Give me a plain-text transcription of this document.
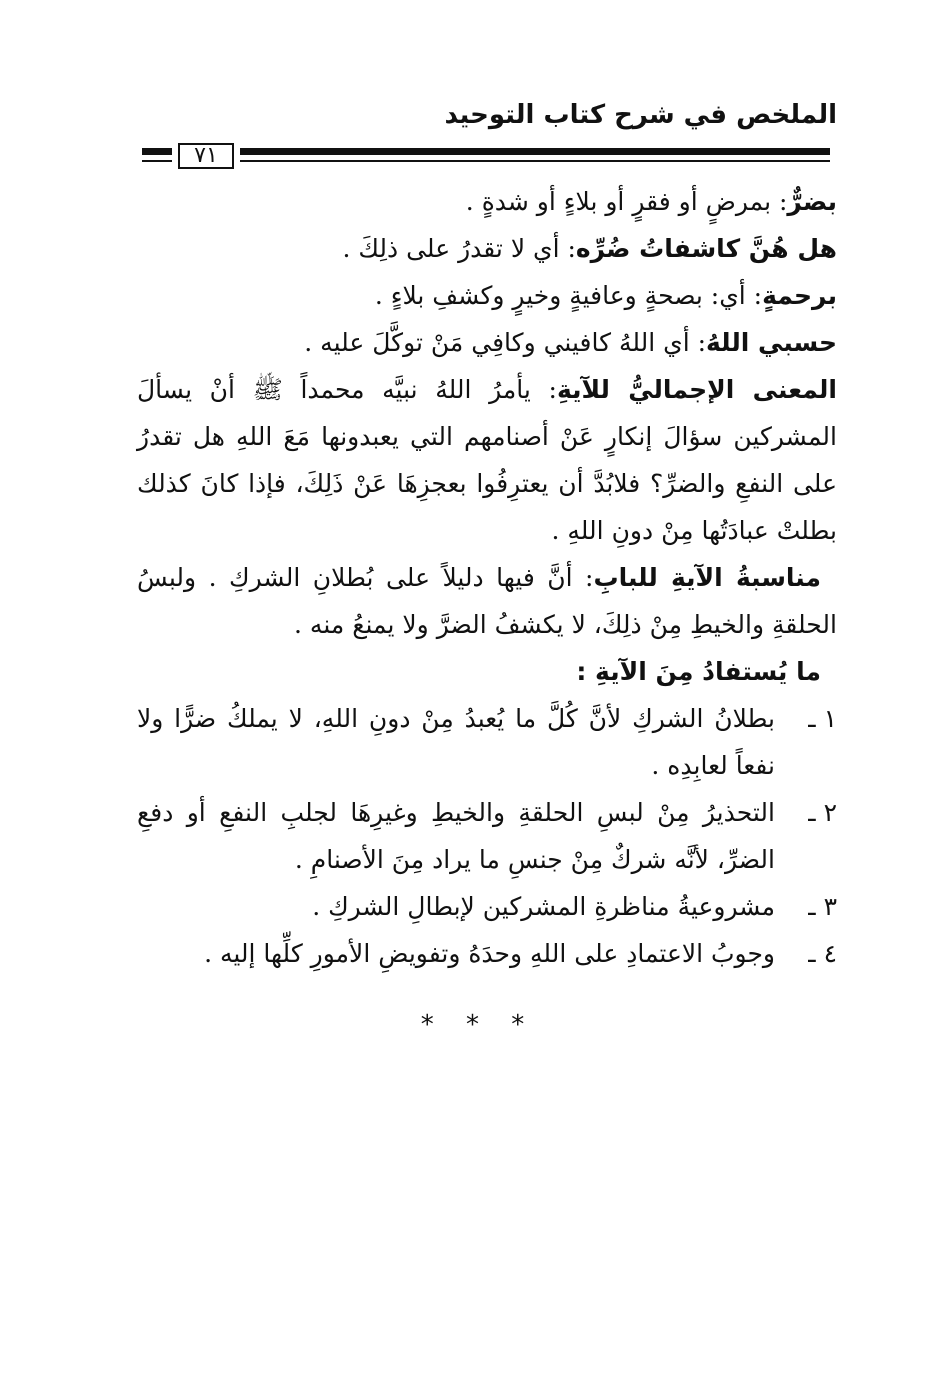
الملخص في شرح كتاب التوحيد
٧١

بضرٌّ: بمرضٍ أو فقرٍ أو بلاءٍ أو شدةٍ .

هل هُنَّ كاشفاتُ ضُرِّه: أي لا تقدرُ على ذلِكَ .

برحمةٍ: أي: بصحةٍ وعافيةٍ وخيرٍ وكشفِ بلاءٍ .

حسبي اللهُ: أي اللهُ كافيني وكافِي مَنْ توكَّلَ عليه .

المعنى الإجماليُّ للآيةِ: يأمرُ اللهُ نبيَّه محمداً ﷺ أنْ يسألَ المشركين سؤالَ إنكارٍ عَنْ أصنامهم التي يعبدونها مَعَ اللهِ هل تقدرُ على النفعِ والضرِّ؟ فلابُدَّ أن يعترِفُوا بعجزِهَا عَنْ ذَلِكَ، فإذا كانَ كذلك بطلتْ عبادَتُها مِنْ دونِ اللهِ .

مناسبةُ الآيةِ للبابِ: أنَّ فيها دليلاً على بُطلانِ الشركِ . ولبسُ الحلقةِ والخيطِ مِنْ ذلِكَ، لا يكشفُ الضرَّ ولا يمنعُ منه .

ما يُستفادُ مِنَ الآيةِ :

١ ـ
بطلانُ الشركِ لأنَّ كُلَّ ما يُعبدُ مِنْ دونِ اللهِ، لا يملكُ ضرًّا ولا نفعاً لعابِدِه .
٢ ـ
التحذيرُ مِنْ لبسِ الحلقةِ والخيطِ وغيرِهَا لجلبِ النفعِ أو دفعِ الضرِّ، لأنَّه شركٌ مِنْ جنسِ ما يراد مِنَ الأصنامِ .
٣ ـ
مشروعيةُ مناظرةِ المشركين لإبطالِ الشركِ .
٤ ـ
وجوبُ الاعتمادِ على اللهِ وحدَهُ وتفويضِ الأمورِ كلِّها إليه .
* * *
